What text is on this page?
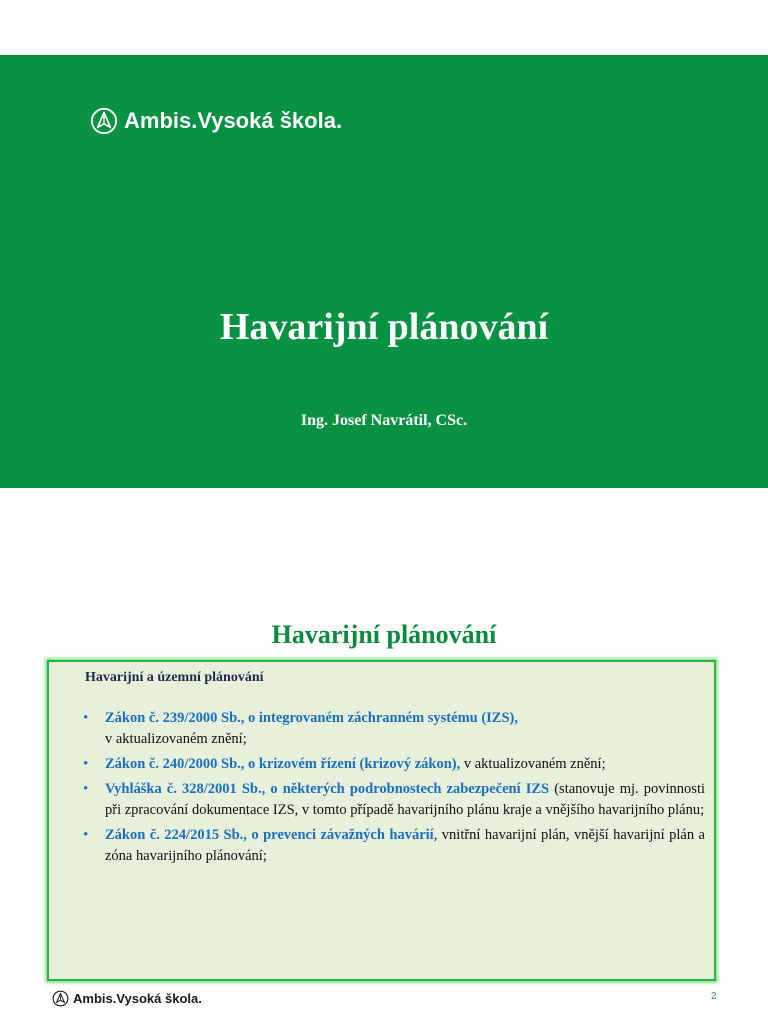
Ambis.Vysoká škola.
Havarijní plánování
Ing. Josef Navrátil, CSc.
Havarijní plánování
Havarijní a územní plánování
• Zákon č. 239/2000 Sb., o integrovaném záchranném systému (IZS),
v aktualizovaném znění;
• Zákon č. 240/2000 Sb., o krizovém řízení (krizový zákon), v aktualizovaném znění;
• Vyhláška č. 328/2001 Sb., o některých podrobnostech zabezpečení IZS (stanovuje mj. povinnosti při zpracování dokumentace IZS, v tomto případě havarijního plánu kraje a vnějšího havarijního plánu;
• Zákon č. 224/2015 Sb., o prevenci závažných havárií, vnitřní havarijní plán, vnější havarijní plán a zóna havarijního plánování;
Ambis.Vysoká škola.	2
